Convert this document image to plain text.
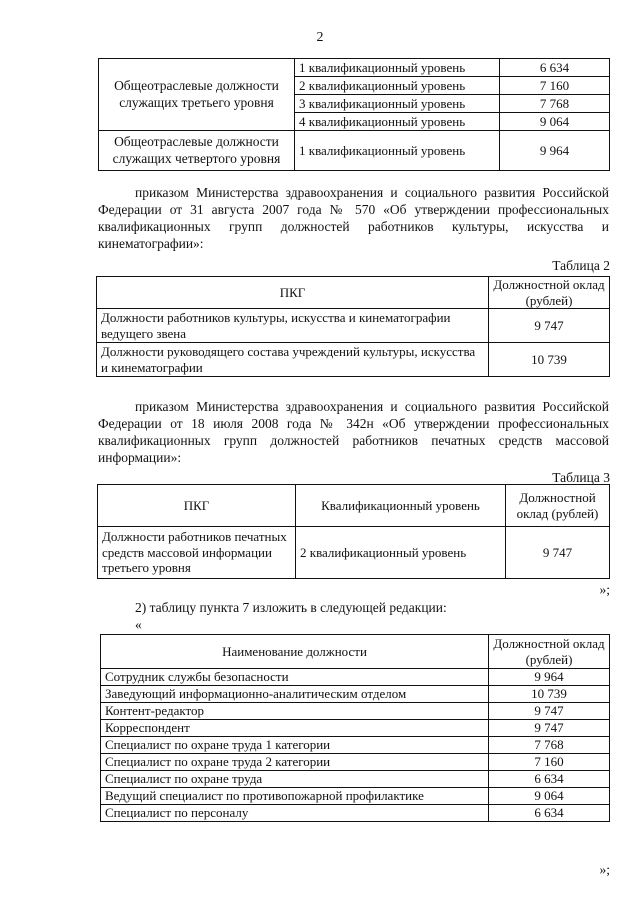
2
Общеотраслевые должности служащих третьего уровня	1 квалификационный уровень	6 634
	2 квалификационный уровень	7 160
	3 квалификационный уровень	7 768
	4 квалификационный уровень	9 064
Общеотраслевые должности служащих четвертого уровня	1 квалификационный уровень	9 964
приказом Министерства здравоохранения и социального развития Российской Федерации от 31 августа 2007 года № 570 «Об утверждении профессиональных квалификационных групп должностей работников культуры, искусства и кинематографии»:
Таблица 2
ПКГ	Должностной оклад (рублей)
Должности работников культуры, искусства и кинематографии ведущего звена	9 747
Должности руководящего состава учреждений культуры, искусства и кинематографии	10 739
приказом Министерства здравоохранения и социального развития Российской Федерации от 18 июля 2008 года № 342н «Об утверждении профессиональных квалификационных групп должностей работников печатных средств массовой информации»:
Таблица 3
ПКГ	Квалификационный уровень	Должностной оклад (рублей)
Должности работников печатных средств массовой информации третьего уровня	2 квалификационный уровень	9 747
»;
2) таблицу пункта 7 изложить в следующей редакции:
«
Наименование должности	Должностной оклад (рублей)
Сотрудник службы безопасности	9 964
Заведующий информационно-аналитическим отделом	10 739
Контент-редактор	9 747
Корреспондент	9 747
Специалист по охране труда 1 категории	7 768
Специалист по охране труда 2 категории	7 160
Специалист по охране труда	6 634
Ведущий специалист по противопожарной профилактике	9 064
Специалист по персоналу	6 634
»;
